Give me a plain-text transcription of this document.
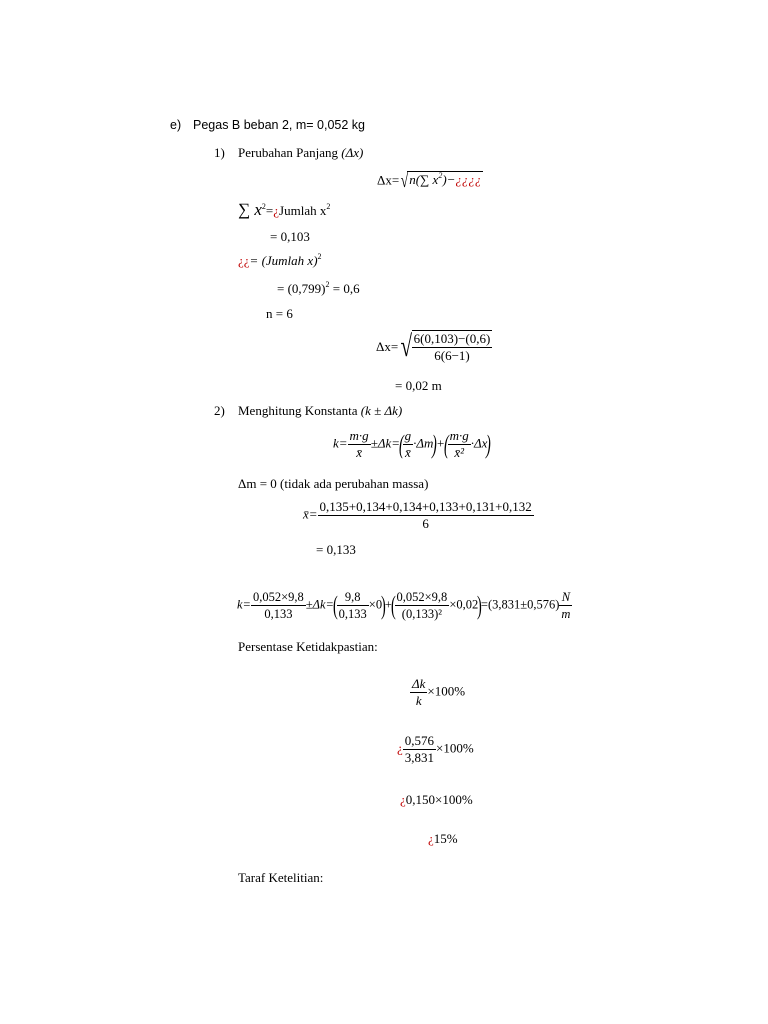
e) Pegas B beban 2, m= 0,052 kg
1) Perubahan Panjang (Δx)
Δx=√n(∑ $x^2)-¿¿¿¿$
∑ $x^2=¿Jumlah$ $x^2$
= 0,103
¿¿= (Jumlah x)$^2$
= $(0,799)^2 = 0,6$
n = 6
$\Delta x=√ \frac{6(0,103)-(0,6)}{6(6-1)}$
= 0,02 m
2) Menghitung Konstanta (k ± Δk)
$k= \frac{m\cdot g}{x̄} \pm\Delta k=$(
$\frac{g}{x̄} \cdot\Delta m)+$(
$\frac{m\cdot g}{\text{x̄²}} \cdot\Delta x$)
Δm = 0 (tidak ada perubahan massa)
x̄= $\frac{0,135+0,134+0,134+0,133+0,131+0,132}{6}$
= 0,133
$k= \frac{0,052\times 9,8}{0,133} \pm\Delta k=$(
$\frac{9,8}{0,133} \times 0)+$(
$\frac{0,052\times 9,8}{\text{(0,133)²}} \times 0,02)=(3,831\pm 0,576) \frac{N}{m}$
Persentase Ketidakpastian:
$\frac{\Delta k}{k} \times 100\%$
¿ $\frac{0,576}{3,831} \times 100\%$
¿0,150×100%
¿15%
Taraf Ketelitian:
